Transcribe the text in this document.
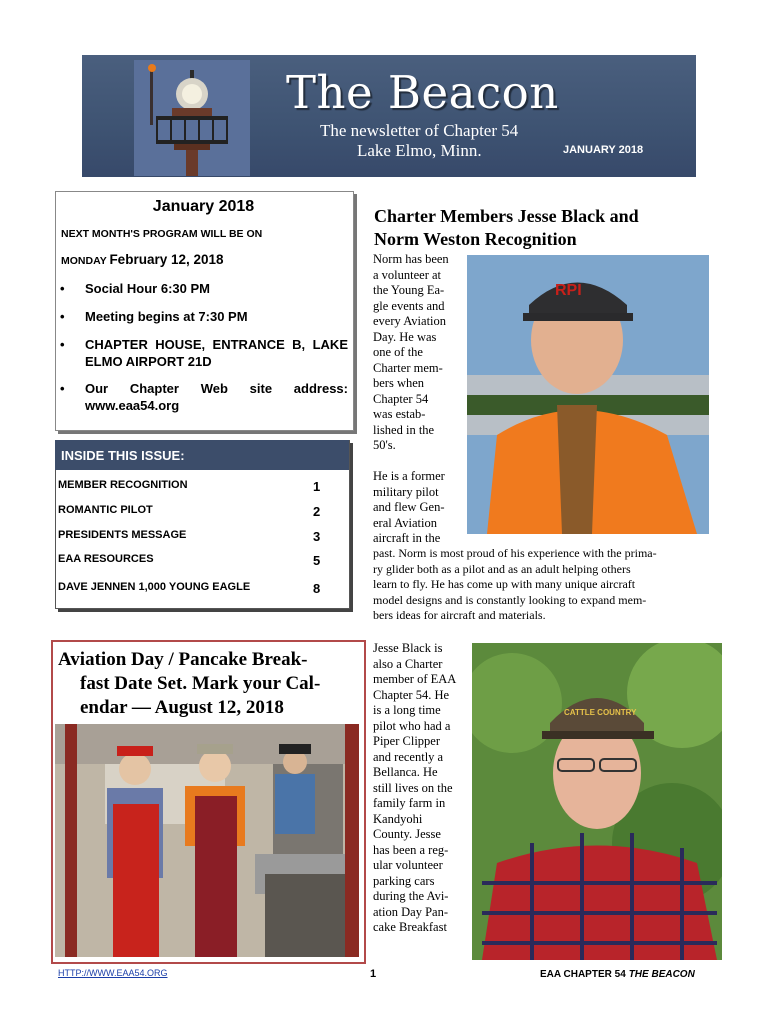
The Beacon
The newsletter of Chapter 54
Lake Elmo, Minn.	JANUARY 2018
January 2018
NEXT MONTH'S PROGRAM WILL BE ON
MONDAY February 12, 2018
• Social Hour 6:30 PM
• Meeting begins at 7:30 PM
• CHAPTER HOUSE, ENTRANCE B, LAKE ELMO AIRPORT 21D
• Our Chapter Web site address: www.eaa54.org
INSIDE THIS ISSUE:
MEMBER RECOGNITION	1
ROMANTIC PILOT	2
PRESIDENTS MESSAGE	3
EAA RESOURCES	5
DAVE JENNEN 1,000 YOUNG EAGLE	8
Aviation Day / Pancake Break-
fast Date Set. Mark your Cal-
endar — August 12, 2018
Charter Members Jesse Black and
Norm Weston Recognition
Norm has been
a volunteer at
the Young Ea-
gle events and
every Aviation
Day. He was
one of the
Charter mem-
bers when
Chapter 54
was estab-
lished in the
50's.
He is a former
military pilot
and flew Gen-
eral Aviation
aircraft in the
past. Norm is most proud of his experience with the prima-
ry glider both as a pilot and as an adult helping others
learn to fly. He has come up with many unique aircraft
model designs and is constantly looking to expand mem-
bers ideas for aircraft and materials.
RPI
Jesse Black is
also a Charter
member of EAA
Chapter 54. He
is a long time
pilot who had a
Piper Clipper
and recently a
Bellanca. He
still lives on the
family farm in
Kandyohi
County. Jesse
has been a reg-
ular volunteer
parking cars
during the Avi-
ation Day Pan-
cake Breakfast
CATTLE COUNTRY
HTTP://WWW.EAA54.ORG	1	EAA CHAPTER 54 THE BEACON
